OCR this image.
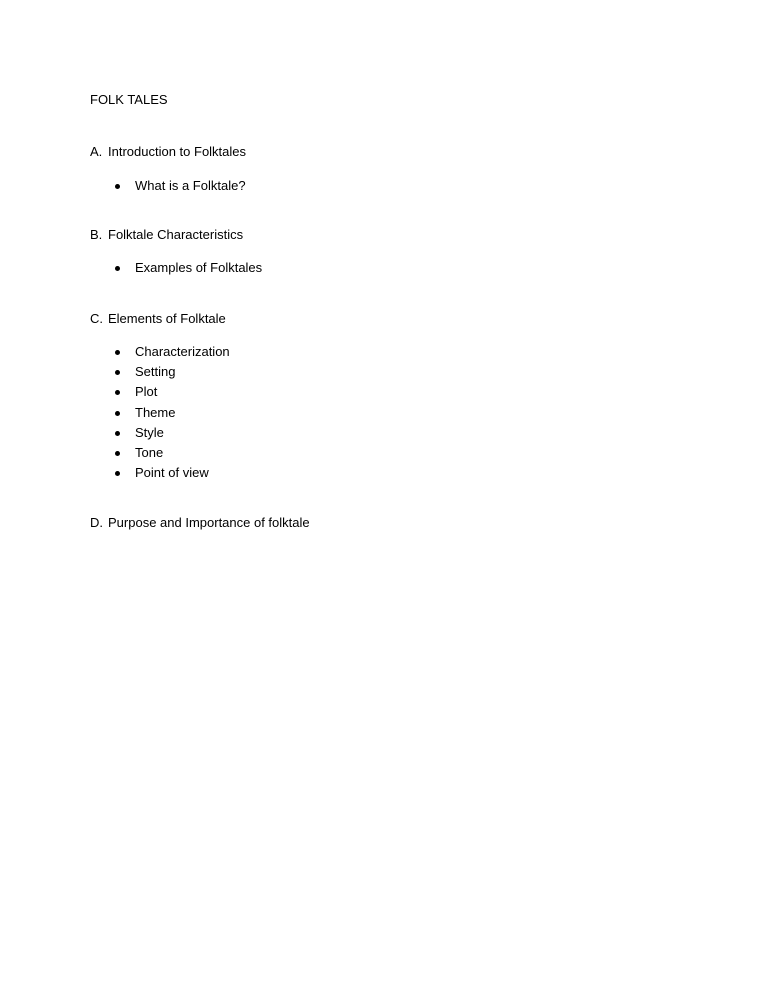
FOLK TALES
A. Introduction to Folktales
What is a Folktale?
B. Folktale Characteristics
Examples of Folktales
C. Elements of Folktale
Characterization
Setting
Plot
Theme
Style
Tone
Point of view
D. Purpose and Importance of folktale
